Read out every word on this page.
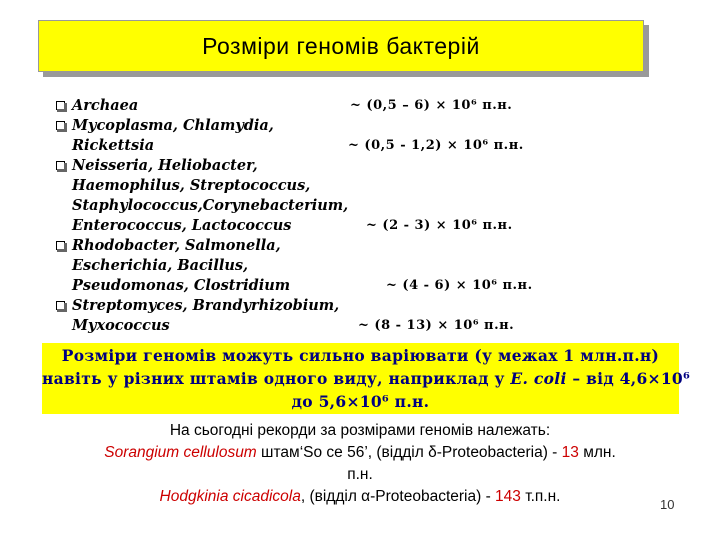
Розміри геномів бактерій
Archaea	~ (0,5 – 6) ⨯ 10⁶ п.н.
Mycoplasma, Chlamydia,
Rickettsia	~ (0,5 - 1,2) ⨯ 10⁶ п.н.
Neisseria, Heliobacter,
Haemophilus, Streptococcus,
Staphylococcus,Corynebacterium,
Enterococcus, Lactococcus	~ (2 - 3) ⨯ 10⁶ п.н.
Rhodobacter, Salmonella,
Escherichia, Bacillus,
Pseudomonas, Clostridium	~ (4 - 6) ⨯ 10⁶ п.н.
Streptomyces, Brandyrhizobium,
Myxococcus	~ (8 - 13) ⨯ 10⁶ п.н.
Розміри геномів можуть сильно варіювати (у межах 1 млн.п.н)
навіть у різних штамів одного виду, наприклад у E. coli – від 4,6⨯10⁶
до 5,6⨯10⁶ п.н.
На сьогодні рекорди за розмірами геномів належать:
Sorangium cellulosum штам‘So ce 56’, (відділ δ-Proteobacteria) - 13 млн.
п.н.
Hodgkinia cicadicola, (відділ α-Proteobacteria) - 143 т.п.н.	10
